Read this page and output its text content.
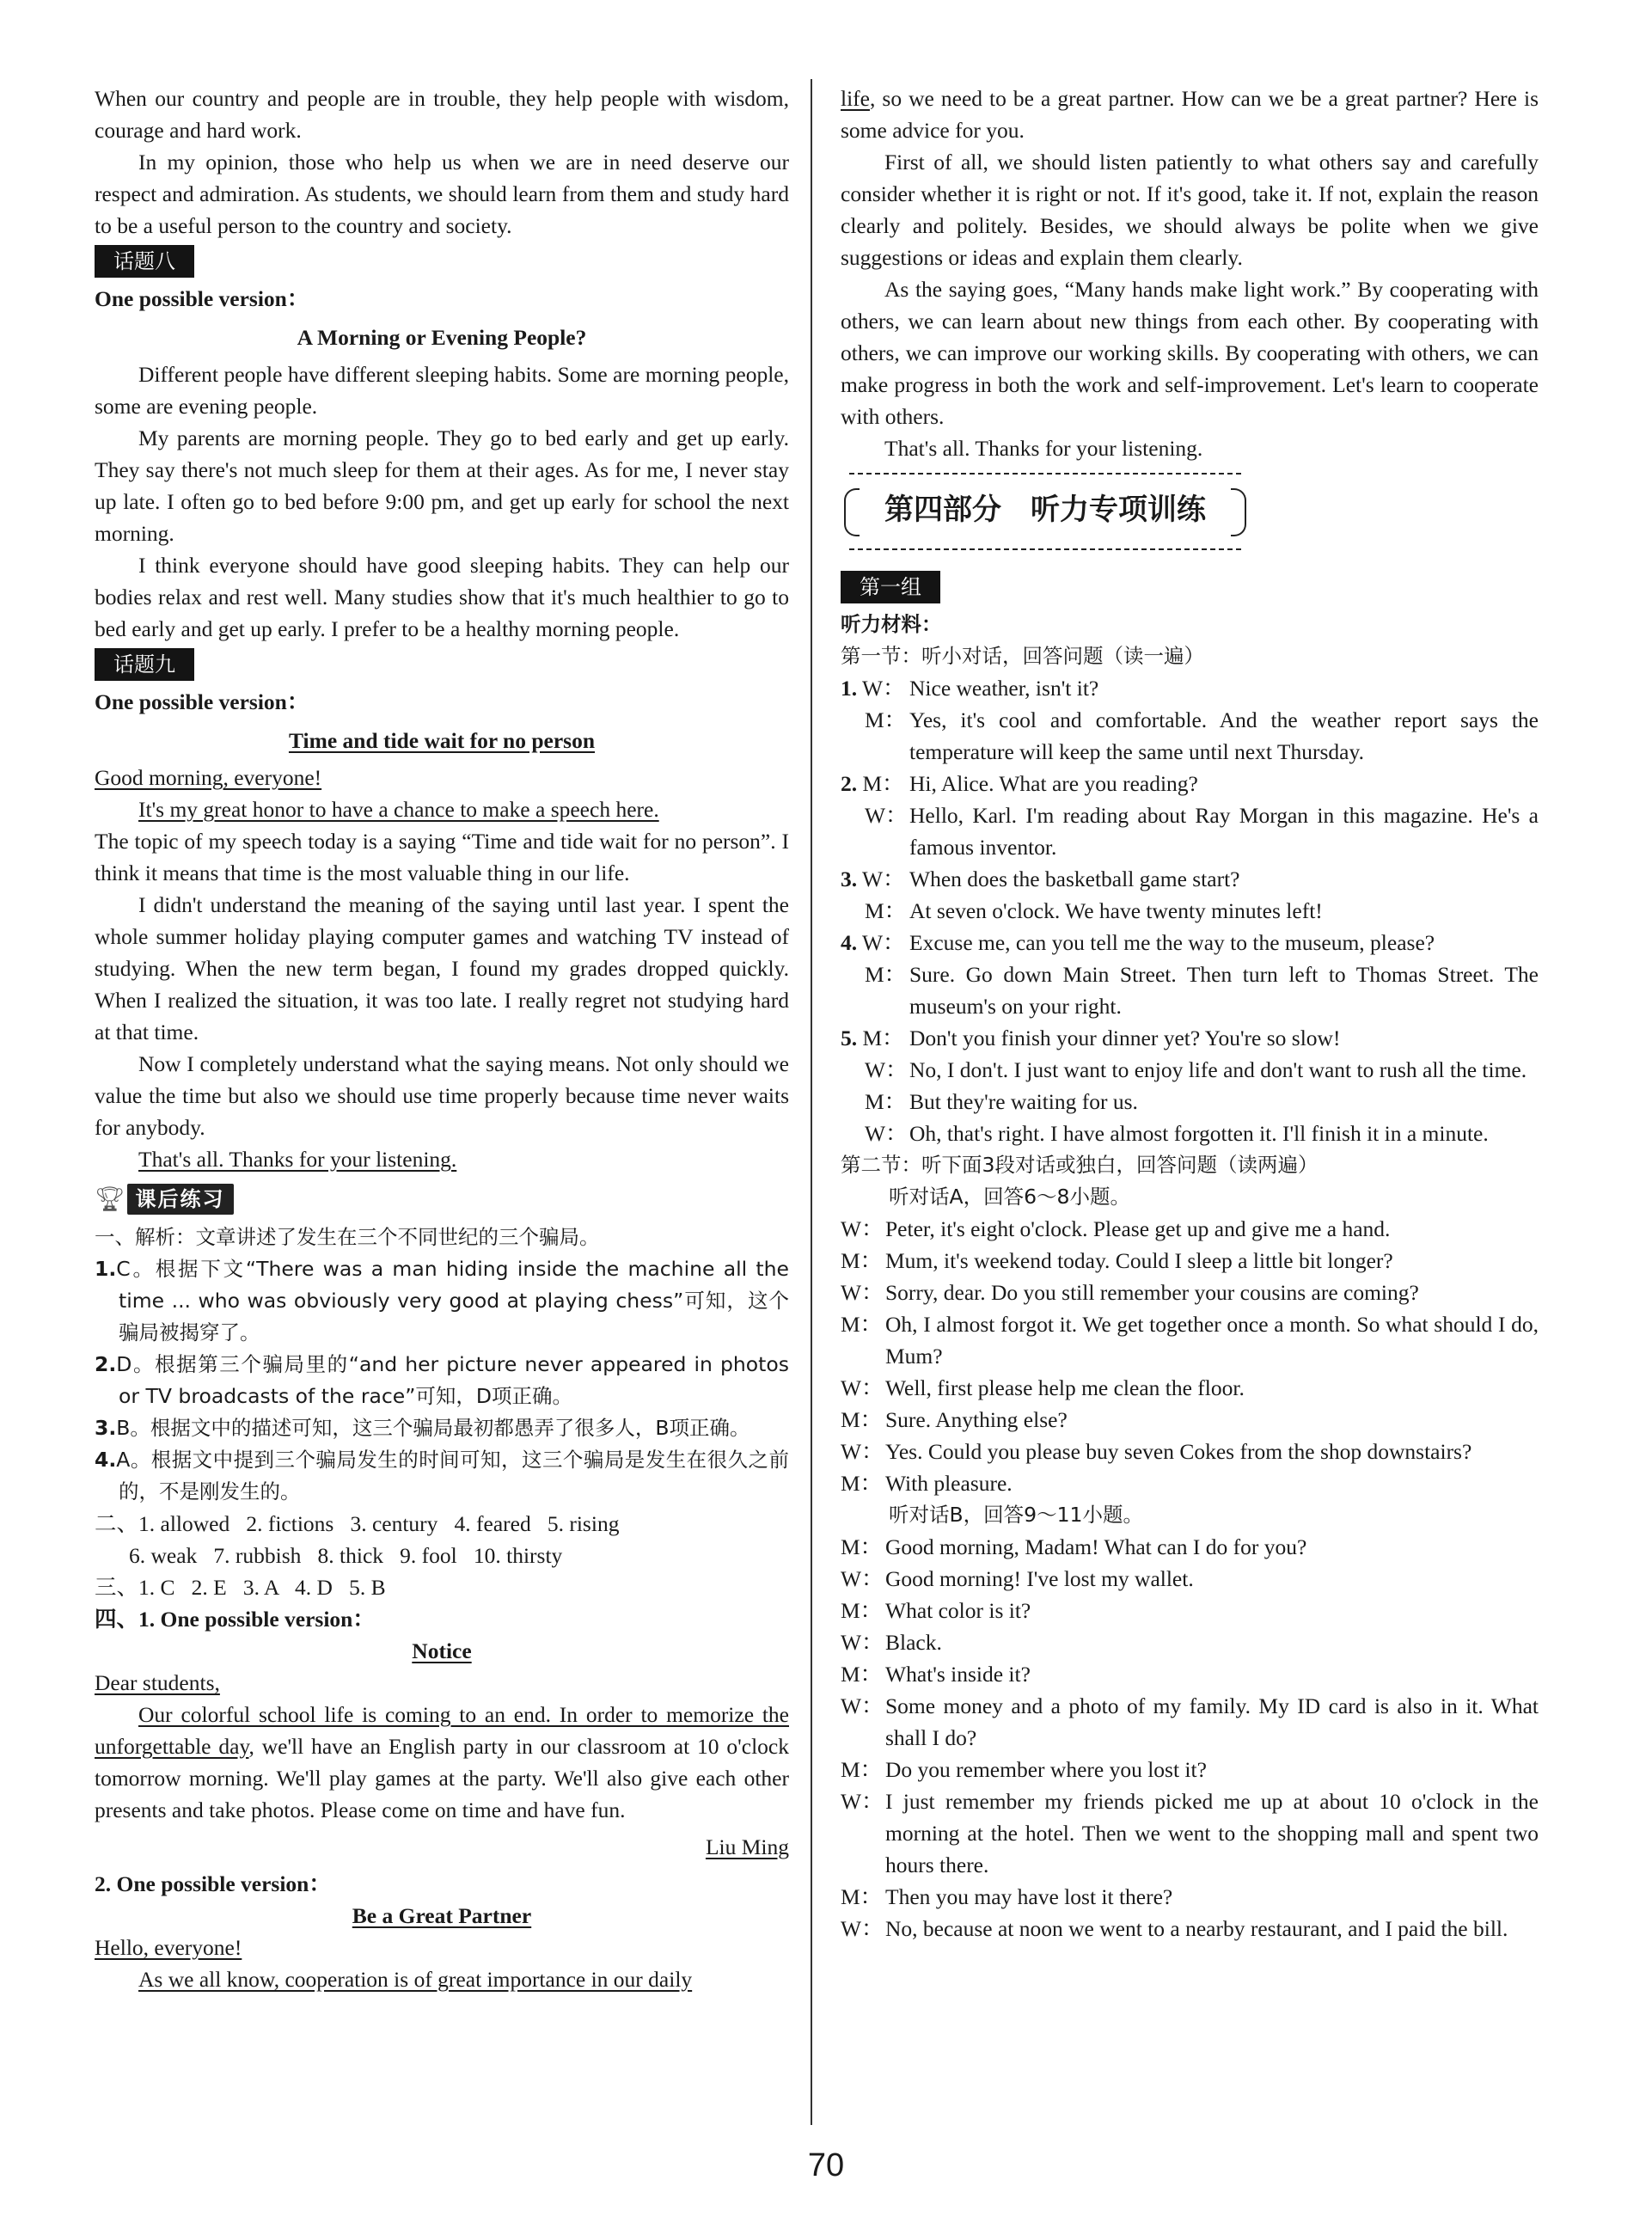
When our country and people are in trouble, they help people with wisdom, courage and hard work.

In my opinion, those who help us when we are in need deserve our respect and admiration. As students, we should learn from them and study hard to be a useful person to the country and society.

话题八

One possible version：

A Morning or Evening People?

Different people have different sleeping habits. Some are morning people, some are evening people.

My parents are morning people. They go to bed early and get up early. They say there's not much sleep for them at their ages. As for me, I never stay up late. I often go to bed before 9:00 pm, and get up early for school the next morning.

I think everyone should have good sleeping habits. They can help our bodies relax and rest well. Many studies show that it's much healthier to go to bed early and get up early. I prefer to be a healthy morning people.

话题九

One possible version：

Time and tide wait for no person

Good morning, everyone!

It's my great honor to have a chance to make a speech here.

The topic of my speech today is a saying “Time and tide wait for no person”. I think it means that time is the most valuable thing in our life.

I didn't understand the meaning of the saying until last year. I spent the whole summer holiday playing computer games and watching TV instead of studying. When the new term began, I found my grades dropped quickly. When I realized the situation, it was too late. I really regret not studying hard at that time.

Now I completely understand what the saying means. Not only should we value the time but also we should use time properly because time never waits for anybody.

That's all. Thanks for your listening.

🏆︎ 课后练习

一、解析：文章讲述了发生在三个不同世纪的三个骗局。

1.C。根据下文“There was a man hiding inside the machine all the time ... who was obviously very good at playing chess”可知，这个骗局被揭穿了。

2.D。根据第三个骗局里的“and her picture never appeared in photos or TV broadcasts of the race”可知，D项正确。

3.B。根据文中的描述可知，这三个骗局最初都愚弄了很多人，B项正确。

4.A。根据文中提到三个骗局发生的时间可知，这三个骗局是发生在很久之前的，不是刚发生的。

二、1. allowed   2. fictions   3. century   4. feared   5. rising

6. weak   7. rubbish   8. thick   9. fool   10. thirsty

三、1. C   2. E   3. A   4. D   5. B

四、1. One possible version：

Notice

Dear students,

Our colorful school life is coming to an end. In order to memorize the unforgettable day, we'll have an English party in our classroom at 10 o'clock tomorrow morning. We'll play games at the party. We'll also give each other presents and take photos. Please come on time and have fun.

Liu Ming

2. One possible version：

Be a Great Partner

Hello, everyone!

As we all know, cooperation is of great importance in our daily

life, so we need to be a great partner. How can we be a great partner? Here is some advice for you.

First of all, we should listen patiently to what others say and carefully consider whether it is right or not. If it's good, take it. If not, explain the reason clearly and politely. Besides, we should always be polite when we give suggestions or ideas and explain them clearly.

As the saying goes, “Many hands make light work.” By cooperating with others, we can learn about new things from each other. By cooperating with others, we can improve our working skills. By cooperating with others, we can make progress in both the work and self-improvement. Let's learn to cooperate with others.

That's all. Thanks for your listening.

第四部分　听力专项训练
第一组

听力材料：

第一节：听小对话，回答问题（读一遍）

1. W： Nice weather, isn't it?
M： Yes, it's cool and comfortable. And the weather report says the temperature will keep the same until next Thursday.
2. M： Hi, Alice. What are you reading?
W： Hello, Karl. I'm reading about Ray Morgan in this magazine. He's a famous inventor.
3. W： When does the basketball game start?
M： At seven o'clock. We have twenty minutes left!
4. W： Excuse me, can you tell me the way to the museum, please?
M： Sure. Go down Main Street. Then turn left to Thomas Street. The museum's on your right.
5. M： Don't you finish your dinner yet? You're so slow!
W： No, I don't. I just want to enjoy life and don't want to rush all the time.
M： But they're waiting for us.
W： Oh, that's right. I have almost forgotten it. I'll finish it in a minute.

第二节：听下面3段对话或独白，回答问题（读两遍）

听对话A，回答6～8小题。

W： Peter, it's eight o'clock. Please get up and give me a hand.
M： Mum, it's weekend today. Could I sleep a little bit longer?
W： Sorry, dear. Do you still remember your cousins are coming?
M： Oh, I almost forgot it. We get together once a month. So what should I do, Mum?
W： Well, first please help me clean the floor.
M： Sure. Anything else?
W： Yes. Could you please buy seven Cokes from the shop downstairs?
M： With pleasure.

听对话B，回答9～11小题。

M： Good morning, Madam! What can I do for you?
W： Good morning! I've lost my wallet.
M： What color is it?
W： Black.
M： What's inside it?
W： Some money and a photo of my family. My ID card is also in it. What shall I do?
M： Do you remember where you lost it?
W： I just remember my friends picked me up at about 10 o'clock in the morning at the hotel. Then we went to the shopping mall and spent two hours there.
M： Then you may have lost it there?
W： No, because at noon we went to a nearby restaurant, and I paid the bill.
70
